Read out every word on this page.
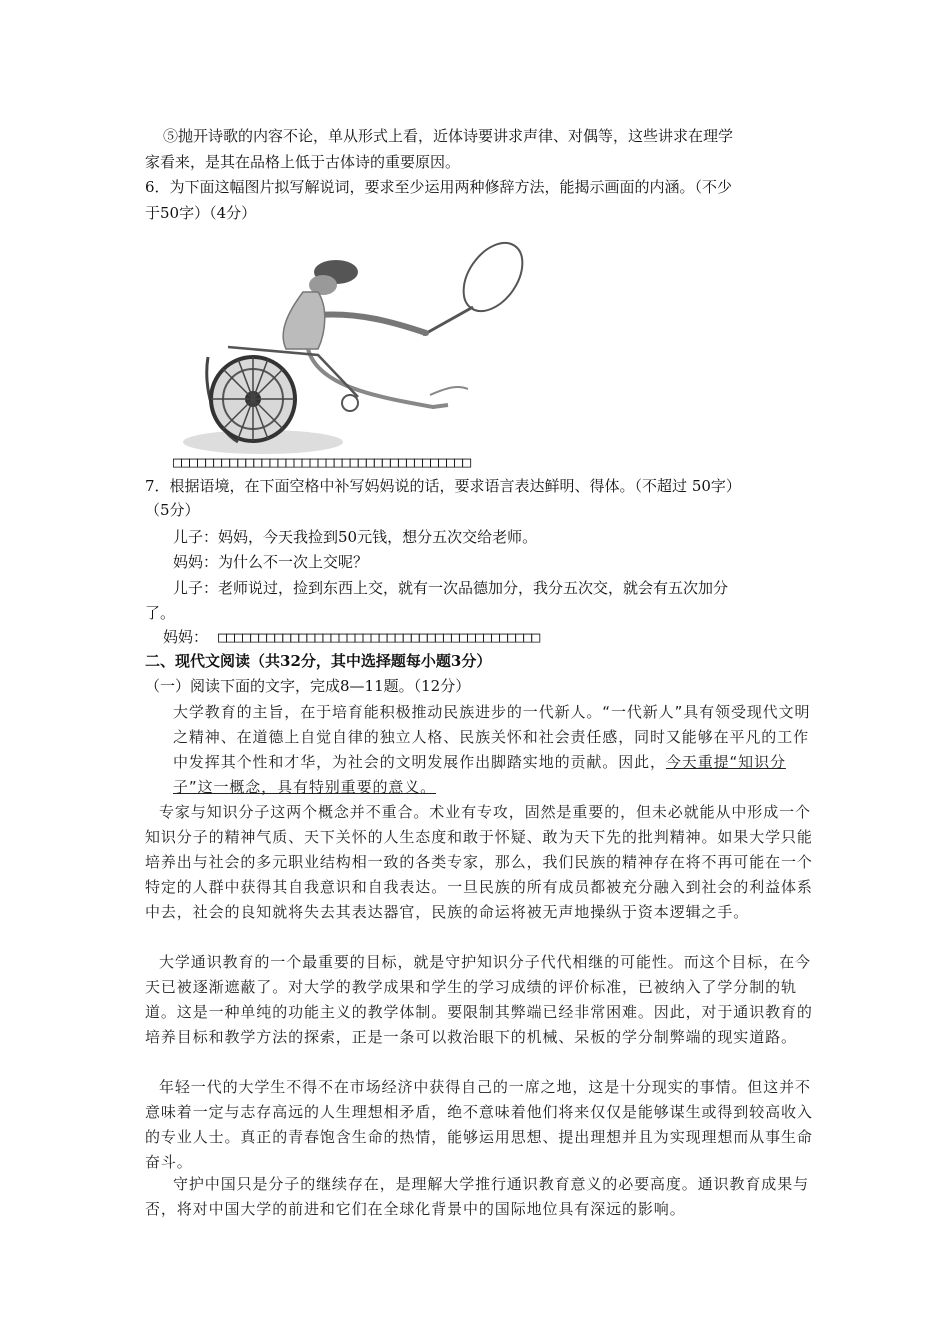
⑤抛开诗歌的内容不论，单从形式上看，近体诗要讲求声律、对偶等，这些讲求在理学
家看来，是其在品格上低于古体诗的重要原因。
6．为下面这幅图片拟写解说词，要求至少运用两种修辞方法，能揭示画面的内涵。（不少
于50字）（4分）
□□□□□□□□□□□□□□□□□□□□□□□□□□□□□□□□□□□□□
7．根据语境，在下面空格中补写妈妈说的话，要求语言表达鲜明、得体。（不超过 50字）
（5分）
儿子：妈妈，今天我捡到50元钱，想分五次交给老师。
妈妈：为什么不一次上交呢？
儿子：老师说过，捡到东西上交，就有一次品德加分，我分五次交，就会有五次加分
了。
妈妈： □□□□□□□□□□□□□□□□□□□□□□□□□□□□□□□□□□□□□□□□
二、现代文阅读（共32分，其中选择题每小题3分）
（一）阅读下面的文字，完成8—11题。（12分）

大学教育的主旨，在于培育能积极推动民族进步的一代新人。“一代新人”具有领受现代文明之精神、在道德上自觉自律的独立人格、民族关怀和社会责任感，同时又能够在平凡的工作中发挥其个性和才华，为社会的文明发展作出脚踏实地的贡献。因此，今天重提“知识分子”这一概念，具有特别重要的意义。

专家与知识分子这两个概念并不重合。术业有专攻，固然是重要的，但未必就能从中形成一个知识分子的精神气质、天下关怀的人生态度和敢于怀疑、敢为天下先的批判精神。如果大学只能培养出与社会的多元职业结构相一致的各类专家，那么，我们民族的精神存在将不再可能在一个特定的人群中获得其自我意识和自我表达。一旦民族的所有成员都被充分融入到社会的利益体系中去，社会的良知就将失去其表达器官，民族的命运将被无声地操纵于资本逻辑之手。

大学通识教育的一个最重要的目标，就是守护知识分子代代相继的可能性。而这个目标，在今天已被逐渐遮蔽了。对大学的教学成果和学生的学习成绩的评价标准，已被纳入了学分制的轨道。这是一种单纯的功能主义的教学体制。要限制其弊端已经非常困难。因此，对于通识教育的培养目标和教学方法的探索，正是一条可以救治眼下的机械、呆板的学分制弊端的现实道路。

年轻一代的大学生不得不在市场经济中获得自己的一席之地，这是十分现实的事情。但这并不意味着一定与志存高远的人生理想相矛盾，绝不意味着他们将来仅仅是能够谋生或得到较高收入的专业人士。真正的青春饱含生命的热情，能够运用思想、提出理想并且为实现理想而从事生命奋斗。

守护中国只是分子的继续存在，是理解大学推行通识教育意义的必要高度。通识教育成果与否，将对中国大学的前进和它们在全球化背景中的国际地位具有深远的影响。
